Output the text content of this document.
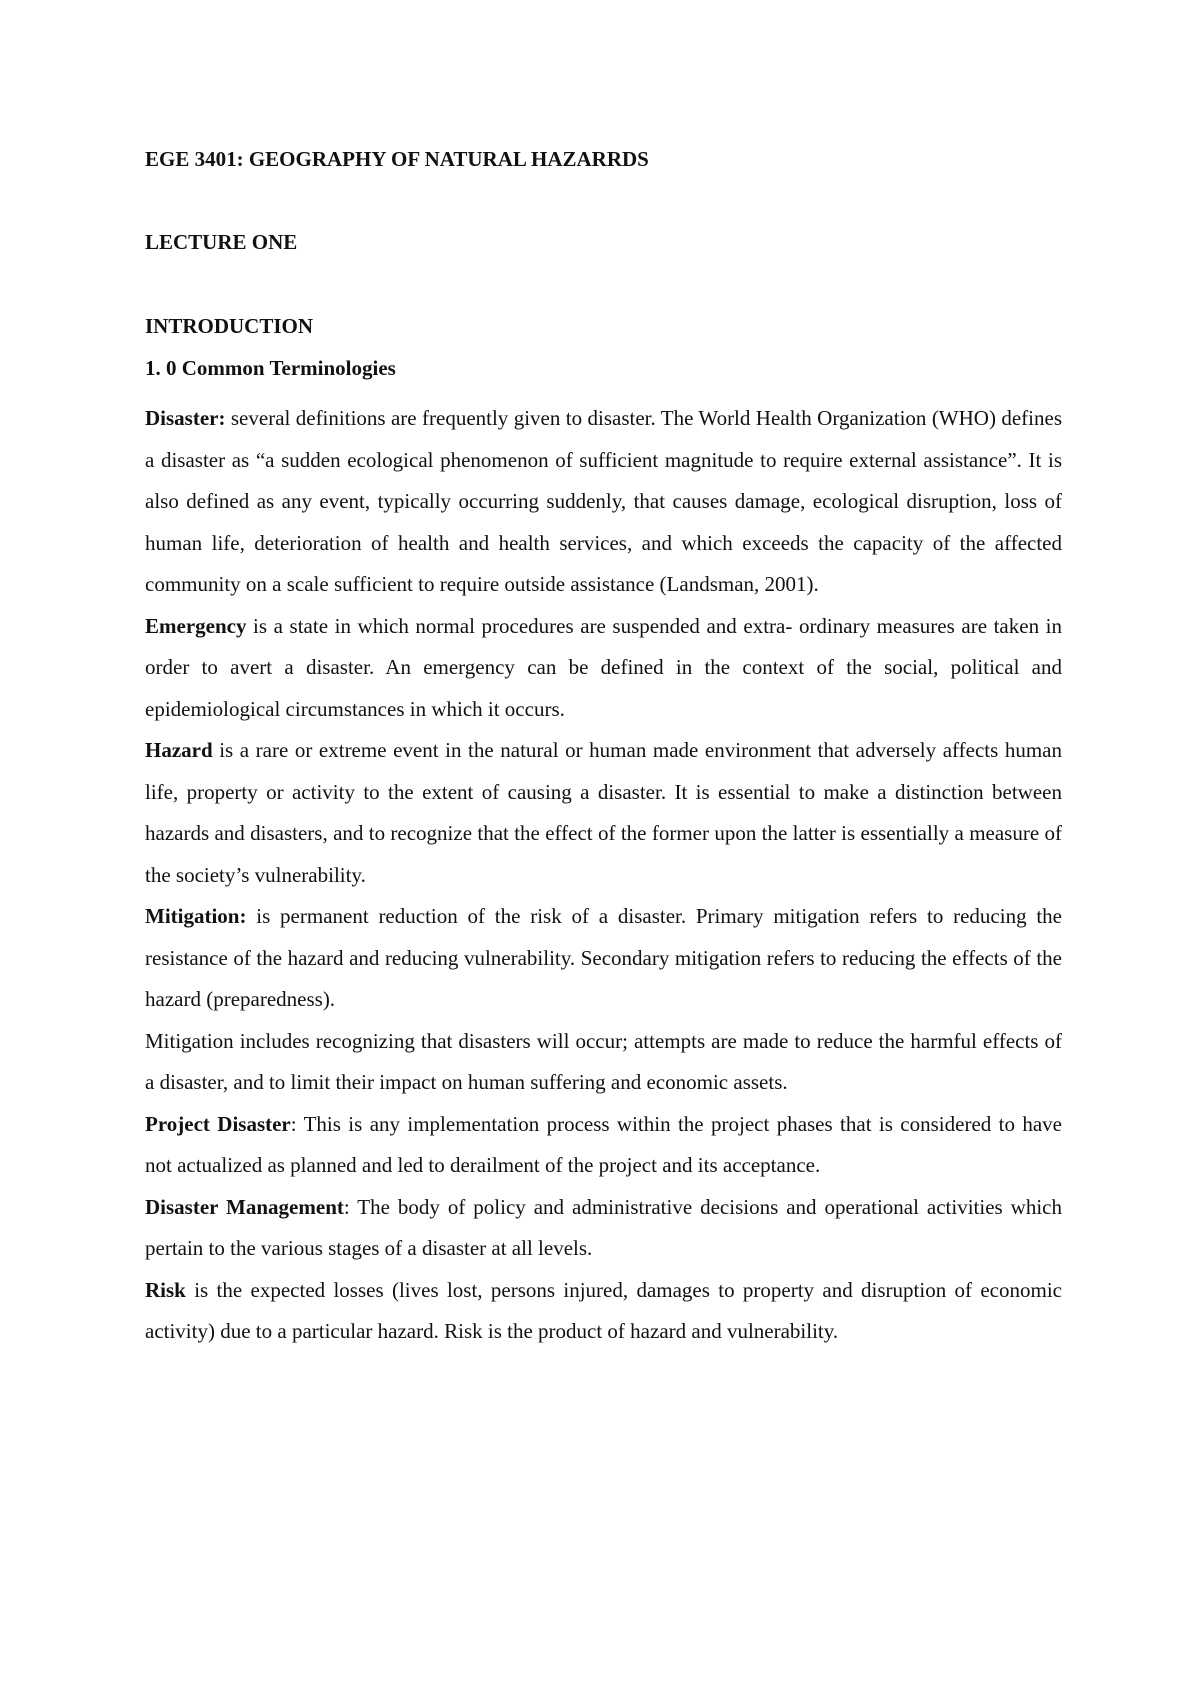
EGE 3401: GEOGRAPHY OF NATURAL HAZARRDS
LECTURE ONE
INTRODUCTION
1. 0 Common Terminologies

Disaster: several definitions are frequently given to disaster. The World Health Organization (WHO) defines a disaster as “a sudden ecological phenomenon of sufficient magnitude to require external assistance”. It is also defined as any event, typically occurring suddenly, that causes damage, ecological disruption, loss of human life, deterioration of health and health services, and which exceeds the capacity of the affected community on a scale sufficient to require outside assistance (Landsman, 2001).

Emergency is a state in which normal procedures are suspended and extra- ordinary measures are taken in order to avert a disaster. An emergency can be defined in the context of the social, political and epidemiological circumstances in which it occurs.

Hazard is a rare or extreme event in the natural or human made environment that adversely affects human life, property or activity to the extent of causing a disaster. It is essential to make a distinction between hazards and disasters, and to recognize that the effect of the former upon the latter is essentially a measure of the society’s vulnerability.

Mitigation: is permanent reduction of the risk of a disaster. Primary mitigation refers to reducing the resistance of the hazard and reducing vulnerability. Secondary mitigation refers to reducing the effects of the hazard (preparedness).

Mitigation includes recognizing that disasters will occur; attempts are made to reduce the harmful effects of a disaster, and to limit their impact on human suffering and economic assets.

Project Disaster: This is any implementation process within the project phases that is considered to have not actualized as planned and led to derailment of the project and its acceptance.

Disaster Management: The body of policy and administrative decisions and operational activities which pertain to the various stages of a disaster at all levels.

Risk is the expected losses (lives lost, persons injured, damages to property and disruption of economic activity) due to a particular hazard. Risk is the product of hazard and vulnerability.
